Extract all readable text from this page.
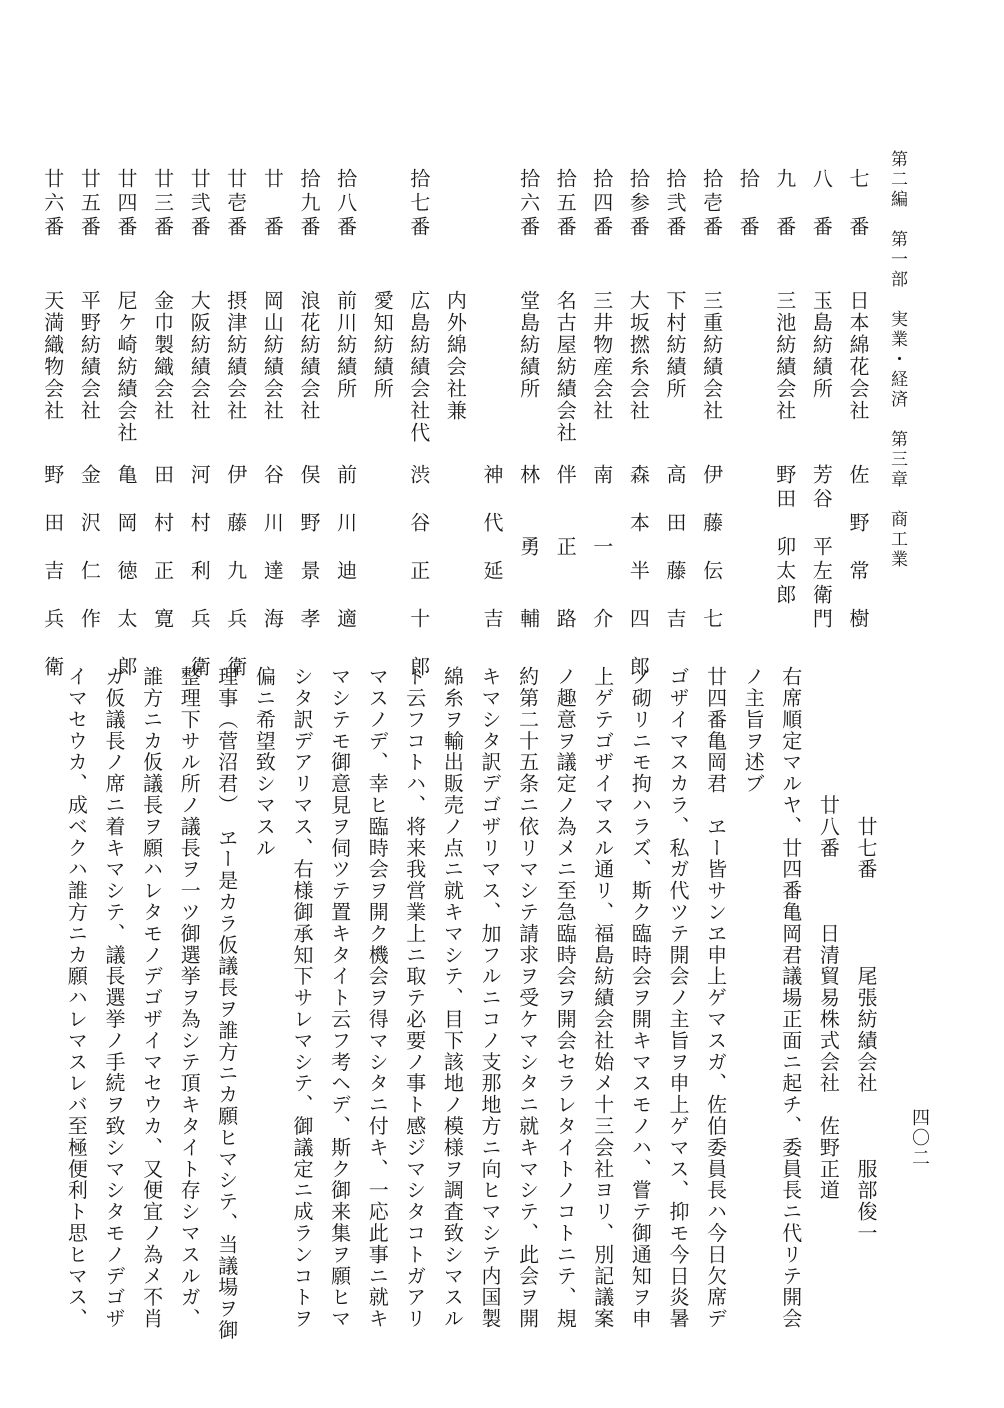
第二編　第一部　実業・経済　第三章　商工業
七　番
日本綿花会社
佐　野　常　樹
八　番
玉島紡績所
芳谷　平左衛門
九　番
三池紡績会社
野田　卯太郎
拾　番
拾壱番
三重紡績会社
伊　藤　伝　七
拾弐番
下村紡績所
高　田　藤　吉
拾参番
大坂撚糸会社
森　本　半　四　郎
拾四番
三井物産会社
南　　一　　介
拾五番
名古屋紡績会社
伴　　正　　路
拾六番
堂島紡績所
林　　勇　　輔
神　代　延　吉
内外綿会社兼
拾七番
広島紡績会社代
渋　谷　正　十　郎
愛知紡績所
拾八番
前川紡績所
前　川　迪　適
拾九番
浪花紡績会社
俣　野　景　孝
廿　番
岡山紡績会社
谷　川　達　海
廿壱番
摂津紡績会社
伊　藤　九　兵　衛
廿弐番
大阪紡績会社
河　村　利　兵　衛
廿三番
金巾製織会社
田　村　正　寛
廿四番
尼ケ崎紡績会社
亀　岡　徳　太　郎
廿五番
平野紡績会社
金　沢　仁　作
廿六番
天満織物会社
野　田　吉　兵　衛
　　　　　　　廿七番　　　　尾張紡績会社　　　服部俊一
　　　　　　廿八番　　　日清貿易株式会社　佐野正道
右席順定マルヤ、廿四番亀岡君議場正面ニ起チ、委員長ニ代リテ開会
ノ主旨ヲ述ブ
廿四番亀岡君　ヱー皆サンヱ申上ゲマスガ、佐伯委員長ハ今日欠席デ
ゴザイマスカラ、私ガ代ツテ開会ノ主旨ヲ申上ゲマス、抑モ今日炎暑
ノ砌リニモ拘ハラズ、斯ク臨時会ヲ開キマスモノハ、嘗テ御通知ヲ申
上ゲテゴザイマスル通リ、福島紡績会社始メ十三会社ヨリ、別記議案
ノ趣意ヲ議定ノ為メニ至急臨時会ヲ開会セラレタイトノコトニテ、規
約第二十五条ニ依リマシテ請求ヲ受ケマシタニ就キマシテ、此会ヲ開
キマシタ訳デゴザリマス、加フルニコノ支那地方ニ向ヒマシテ内国製
綿糸ヲ輸出販売ノ点ニ就キマシテ、目下該地ノ模様ヲ調査致シマスル
ト云フコトハ、将来我営業上ニ取テ必要ノ事ト感ジマシタコトガアリ
マスノデ、幸ヒ臨時会ヲ開ク機会ヲ得マシタニ付キ、一応此事ニ就キ
マシテモ御意見ヲ伺ツテ置キタイト云フ考ヘデ、斯ク御来集ヲ願ヒマ
シタ訳デアリマス、右様御承知下サレマシテ、御議定ニ成ランコトヲ
偏ニ希望致シマスル
理事（菅沼君）　ヱー是カラ仮議長ヲ誰方ニカ願ヒマシテ、当議場ヲ御
整理下サル所ノ議長ヲ一ツ御選挙ヲ為シテ頂キタイト存シマスルガ、
誰方ニカ仮議長ヲ願ハレタモノデゴザイマセウカ、又便宜ノ為メ不肖
ガ仮議長ノ席ニ着キマシテ、議長選挙ノ手続ヲ致シマシタモノデゴザ
イマセウカ、成ベクハ誰方ニカ願ハレマスレバ至極便利ト思ヒマス、	四〇二
